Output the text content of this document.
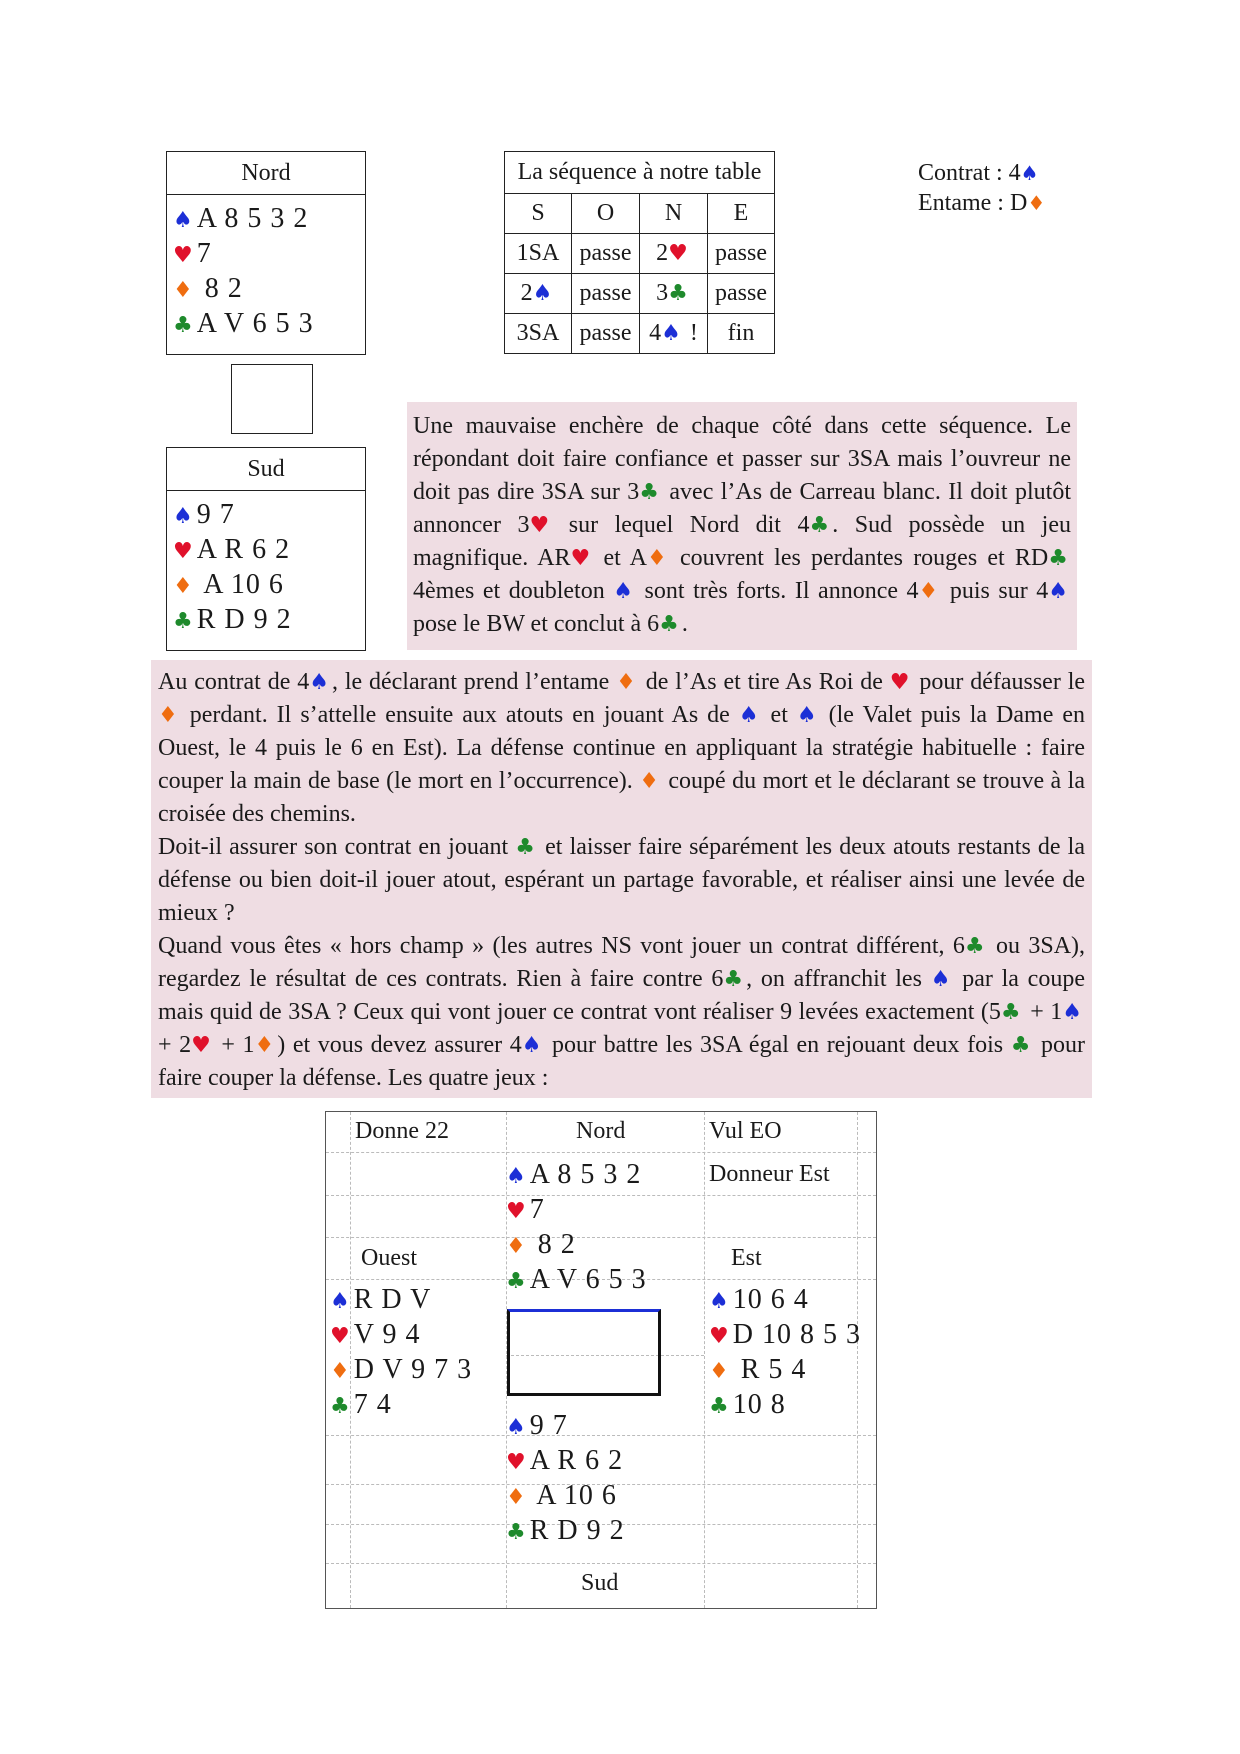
Nord
♠ A 8 5 3 2
♥ 7
♦ 8 2
♣ A V 6 5 3
Sud
♠ 9 7
♥ A R 6 2
♦ A 10 6
♣ R D 9 2
La séquence à notre table			
S	O	N	E
1SA	passe	2♥	passe
2♠	passe	3♣	passe
3SA	passe	4♠ !	fin
Contrat : 4♠
Entame : D♦

Une mauvaise enchère de chaque côté dans cette séquence. Le répondant doit faire confiance et passer sur 3SA mais l’ouvreur ne doit pas dire 3SA sur 3♣ avec l’As de Carreau blanc. Il doit plutôt annoncer 3♥ sur lequel Nord dit 4♣ . Sud possède un jeu magnifique. AR♥ et A♦ couvrent les perdantes rouges et RD♣ 4èmes et doubleton ♠ sont très forts. Il annonce 4♦ puis sur 4♠ pose le BW et conclut à 6♣ .

Au contrat de 4♠ , le déclarant prend l’entame ♦ de l’As et tire As Roi de ♥ pour défausser le ♦ perdant. Il s’attelle ensuite aux atouts en jouant As de ♠ et ♠ (le Valet puis la Dame en Ouest, le 4 puis le 6 en Est). La défense continue en appliquant la stratégie habituelle : faire couper la main de base (le mort en l’occurrence). ♦ coupé du mort et le déclarant se trouve à la croisée des chemins.

Doit-il assurer son contrat en jouant ♣ et laisser faire séparément les deux atouts restants de la défense ou bien doit-il jouer atout, espérant un partage favorable, et réaliser ainsi une levée de mieux ?

Quand vous êtes « hors champ » (les autres NS vont jouer un contrat différent, 6♣ ou 3SA), regardez le résultat de ces contrats. Rien à faire contre 6♣ , on affranchit les ♠ par la coupe mais quid de 3SA ? Ceux qui vont jouer ce contrat vont réaliser 9 levées exactement (5♣ + 1♠ + 2♥ + 1♦ ) et vous devez assurer 4♠ pour battre les 3SA égal en rejouant deux fois ♣ pour faire couper la défense. Les quatre jeux :

Donne 22	Nord	Vul EO
Donneur Est
Ouest	Est
Sud
♠ A 8 5 3 2
♥ 7
♦ 8 2
♣ A V 6 5 3
♠ R D V
♥ V 9 4
♦ D V 9 7 3
♣ 7 4
♠ 10 6 4
♥ D 10 8 5 3
♦ R 5 4
♣ 10 8
♠ 9 7
♥ A R 6 2
♦ A 10 6
♣ R D 9 2
